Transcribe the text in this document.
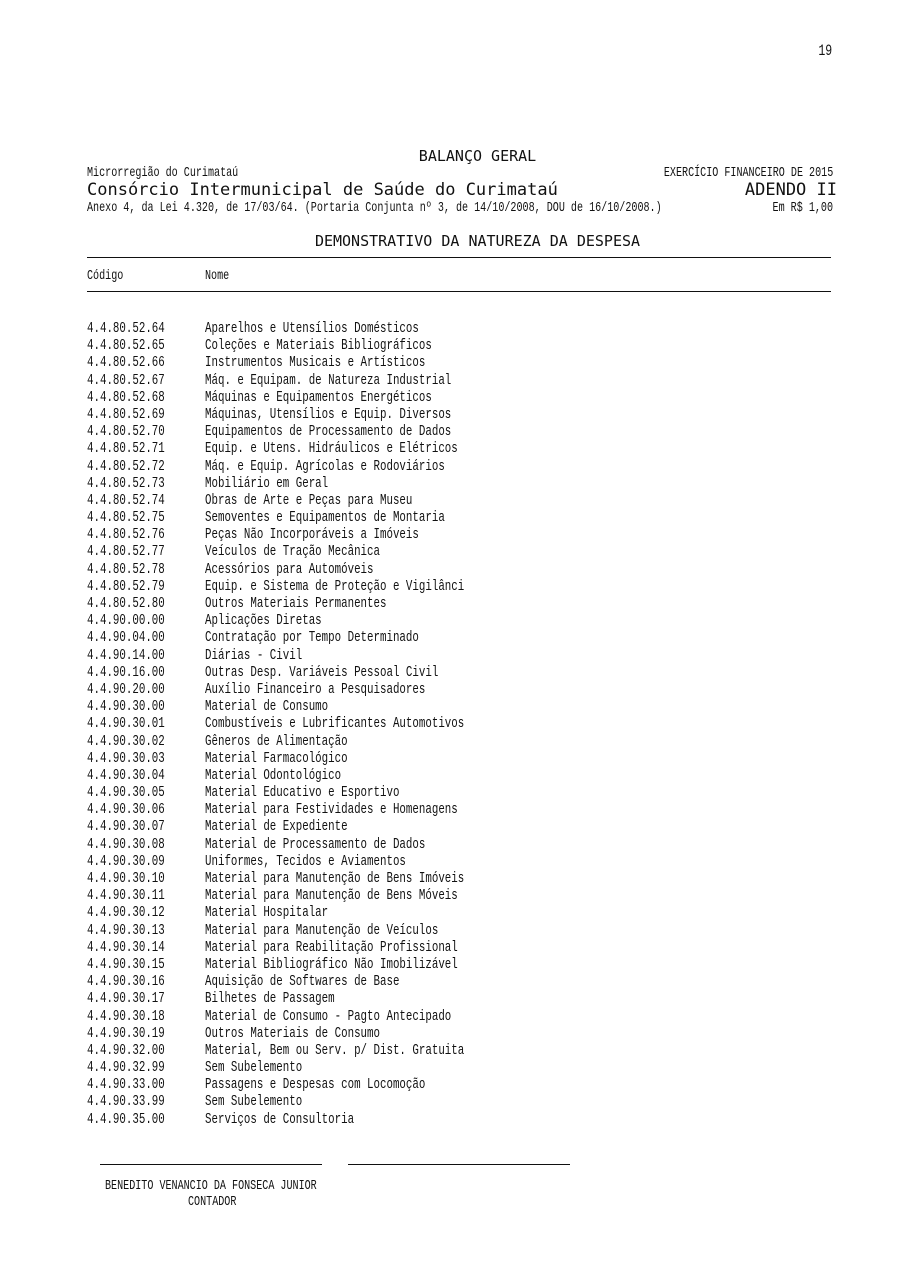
19
BALANÇO GERAL
Microrregião do Curimataú	EXERCÍCIO FINANCEIRO DE 2015
Consórcio Intermunicipal de Saúde do Curimataú	ADENDO II
Anexo 4, da Lei 4.320, de 17/03/64. (Portaria Conjunta nº 3, de 14/10/2008, DOU de 16/10/2008.)	Em R$ 1,00
DEMONSTRATIVO DA NATUREZA DA DESPESA
Código	Nome
4.4.80.52.64	Aparelhos e Utensílios Domésticos
4.4.80.52.65	Coleções e Materiais Bibliográficos
4.4.80.52.66	Instrumentos Musicais e Artísticos
4.4.80.52.67	Máq. e Equipam. de Natureza Industrial
4.4.80.52.68	Máquinas e Equipamentos Energéticos
4.4.80.52.69	Máquinas, Utensílios e Equip. Diversos
4.4.80.52.70	Equipamentos de Processamento de Dados
4.4.80.52.71	Equip. e Utens. Hidráulicos e Elétricos
4.4.80.52.72	Máq. e Equip. Agrícolas e Rodoviários
4.4.80.52.73	Mobiliário em Geral
4.4.80.52.74	Obras de Arte e Peças para Museu
4.4.80.52.75	Semoventes e Equipamentos de Montaria
4.4.80.52.76	Peças Não Incorporáveis a Imóveis
4.4.80.52.77	Veículos de Tração Mecânica
4.4.80.52.78	Acessórios para Automóveis
4.4.80.52.79	Equip. e Sistema de Proteção e Vigilânci
4.4.80.52.80	Outros Materiais Permanentes
4.4.90.00.00	Aplicações Diretas
4.4.90.04.00	Contratação por Tempo Determinado
4.4.90.14.00	Diárias - Civil
4.4.90.16.00	Outras Desp. Variáveis Pessoal Civil
4.4.90.20.00	Auxílio Financeiro a Pesquisadores
4.4.90.30.00	Material de Consumo
4.4.90.30.01	Combustíveis e Lubrificantes Automotivos
4.4.90.30.02	Gêneros de Alimentação
4.4.90.30.03	Material Farmacológico
4.4.90.30.04	Material Odontológico
4.4.90.30.05	Material Educativo e Esportivo
4.4.90.30.06	Material para Festividades e Homenagens
4.4.90.30.07	Material de Expediente
4.4.90.30.08	Material de Processamento de Dados
4.4.90.30.09	Uniformes, Tecidos e Aviamentos
4.4.90.30.10	Material para Manutenção de Bens Imóveis
4.4.90.30.11	Material para Manutenção de Bens Móveis
4.4.90.30.12	Material Hospitalar
4.4.90.30.13	Material para Manutenção de Veículos
4.4.90.30.14	Material para Reabilitação Profissional
4.4.90.30.15	Material Bibliográfico Não Imobilizável
4.4.90.30.16	Aquisição de Softwares de Base
4.4.90.30.17	Bilhetes de Passagem
4.4.90.30.18	Material de Consumo - Pagto Antecipado
4.4.90.30.19	Outros Materiais de Consumo
4.4.90.32.00	Material, Bem ou Serv. p/ Dist. Gratuita
4.4.90.32.99	Sem Subelemento
4.4.90.33.00	Passagens e Despesas com Locomoção
4.4.90.33.99	Sem Subelemento
4.4.90.35.00	Serviços de Consultoria
BENEDITO VENANCIO DA FONSECA JUNIOR
CONTADOR
